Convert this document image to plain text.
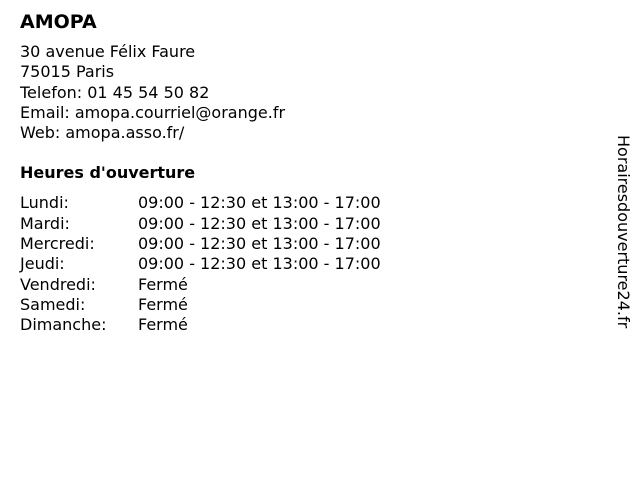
AMOPA
30 avenue Félix Faure
75015 Paris
Telefon: 01 45 54 50 82
Email: amopa.courriel@orange.fr
Web: amopa.asso.fr/
Heures d'ouverture
Lundi:	09:00 - 12:30 et 13:00 - 17:00
Mardi:	09:00 - 12:30 et 13:00 - 17:00
Mercredi:	09:00 - 12:30 et 13:00 - 17:00
Jeudi:	09:00 - 12:30 et 13:00 - 17:00
Vendredi:	Fermé
Samedi:	Fermé
Dimanche:	Fermé	Horairesdouverture24.fr
